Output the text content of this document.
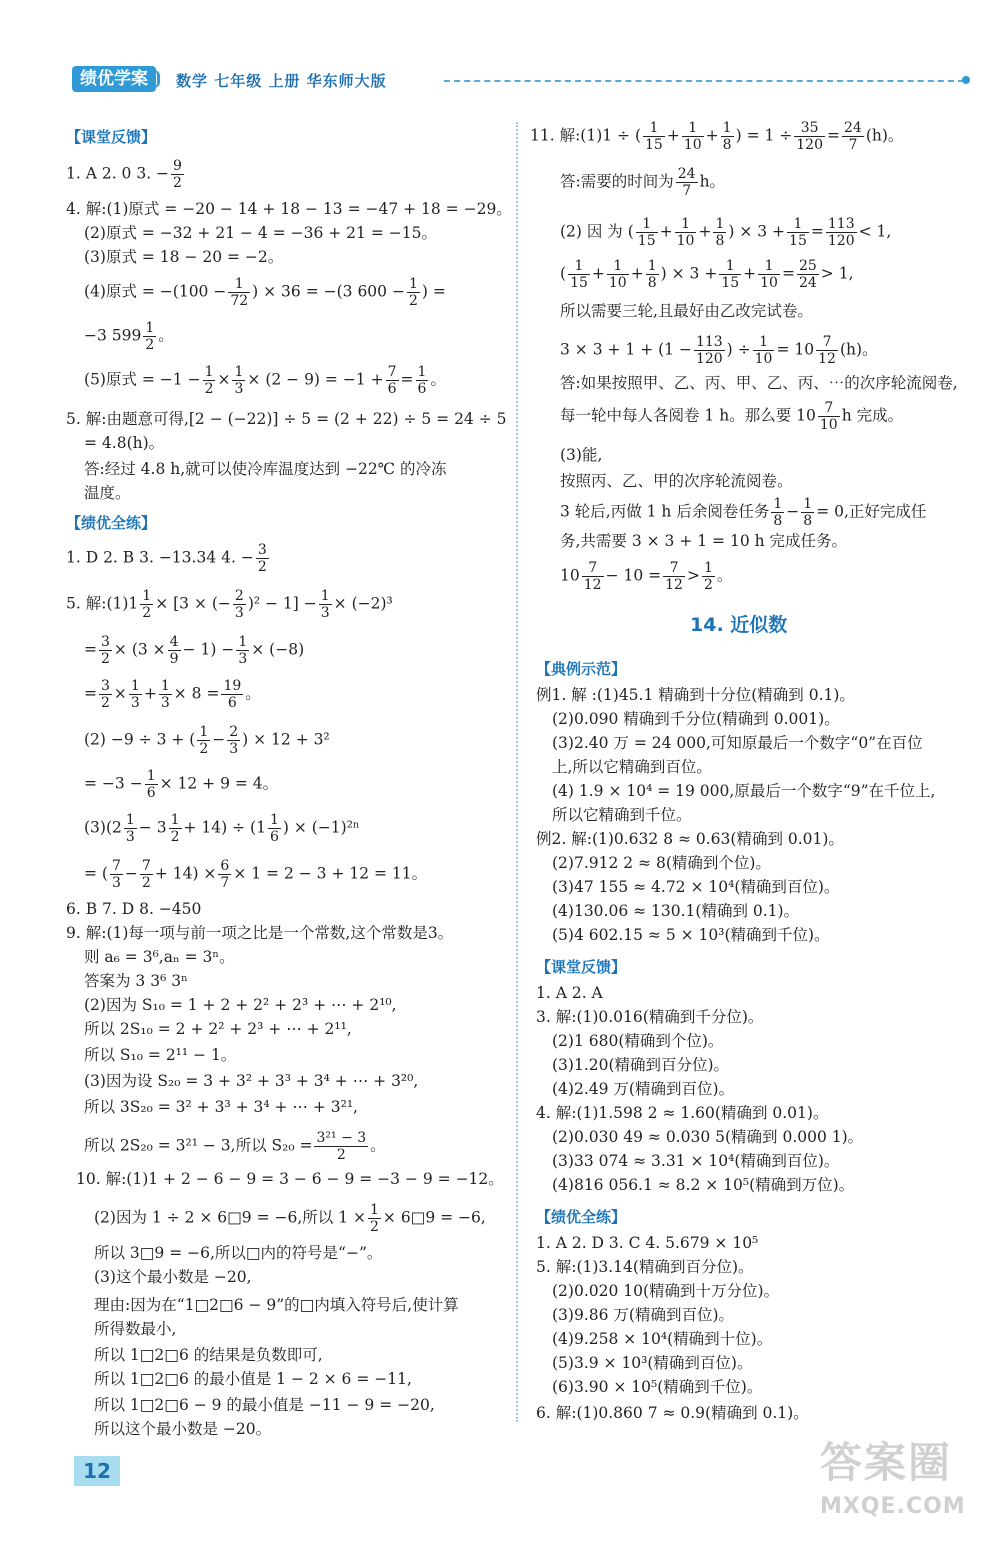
绩优学案	数学 七年级 上册 华东师大版
【课堂反馈】
1. A 2. 0 3. − $\frac{9}{2}$
4. 解:(1)原式 = −20 − 14 + 18 − 13 = −47 + 18 = −29。
(2)原式 = −32 + 21 − 4 = −36 + 21 = −15。
(3)原式 = 18 − 20 = −2。
(4)原式 = $-(100 - \frac{1}{72}$ ) × 36 = −(3 $600 - \frac{1}{2}$ ) =
−3 $599 \frac{1}{2}$ 。
(5)原式 = $-1 - \frac{1}{2} \times \frac{1}{3} \times (2 - 9) = -1 + \frac{7}{6} = \frac{1}{6}$ 。
5. 解:由题意可得,[2 − (−22)] ÷ 5 = (2 + 22) ÷ 5 = 24 ÷ 5
= 4.8(h)。
答:经过 4.8 h,就可以使冷库温度达到 −22℃ 的冷冻
温度。
【绩优全练】
1. D 2. B 3. −13.34 4. − $\frac{3}{2}$
5. 解:(1)1 $\frac{1}{2} \times [3$ × (− $\frac{2}{3} )^2 - 1] - \frac{1}{3} \times (-2)^3$
= $\frac{3}{2} \times (3 \times \frac{4}{9} - 1) - \frac{1}{3} \times (-8)$
= $\frac{3}{2} \times \frac{1}{3} + \frac{1}{3} \times 8 = \frac{19}{6}$ 。
(2) −9 ÷ 3 + ( $\frac{1}{2} - \frac{2}{3}$ ) × 12 + 3²
= $-3 - \frac{1}{6} \times 12 + 9 = 4$。
$(3)(2 \frac{1}{3} - 3 \frac{1}{2} + 14) \div (1 \frac{1}{6}$ ) × (−1)²ⁿ
= ( $\frac{7}{3} - \frac{7}{2} + 14) \times \frac{6}{7} \times 1 = 2 - 3 + 12 = 11$。
6. B 7. D 8. −450
9. 解:(1)每一项与前一项之比是一个常数,这个常数是3。
则 a₆ = 3⁶,aₙ = 3ⁿ。
答案为 3 3⁶ 3ⁿ
(2)因为 S₁₀ = 1 + 2 + 2² + 2³ + ⋯ + 2¹⁰,
所以 2S₁₀ = 2 + 2² + 2³ + ⋯ + 2¹¹,
所以 S₁₀ = 2¹¹ − 1。
(3)因为设 S₂₀ = 3 + 3² + 3³ + 3⁴ + ⋯ + 3²⁰,
所以 3S₂₀ = 3² + 3³ + 3⁴ + ⋯ + 3²¹,
所以 2S₂₀ = 3²¹ − 3,所以 $S_{20} = \frac{\text{3²¹ − 3}}{2}$ 。
10. 解:(1)1 + 2 − 6 − 9 = 3 − 6 − 9 = −3 − 9 = −12。
(2)因为 1 ÷ 2 × 6□9 = −6,所以 $1 \times \frac{1}{2}$ × 6□9 = −6,
所以 3□9 = −6,所以□内的符号是“−”。
(3)这个最小数是 −20,
理由:因为在“1□2□6 − 9”的□内填入符号后,使计算
所得数最小,
所以 1□2□6 的结果是负数即可,
所以 1□2□6 的最小值是 1 − 2 × 6 = −11,
所以 1□2□6 − 9 的最小值是 −11 − 9 = −20,
所以这个最小数是 −20。
11. 解:(1)1 ÷ ( $\frac{1}{15} + \frac{1}{10} + \frac{1}{8}$ ) = $1 \div \frac{35}{120} = \frac{24}{7} (h)$。
答:需要的时间为 $\frac{24}{7}$ h。
(2) 因 为 ( $\frac{1}{15} + \frac{1}{10} + \frac{1}{8}$ ) × $3 + \frac{1}{15} = \frac{113}{120} < 1$,
( $\frac{1}{15} + \frac{1}{10} + \frac{1}{8}$ ) × $3 + \frac{1}{15} + \frac{1}{10} = \frac{25}{24} > 1$,
所以需要三轮,且最好由乙改完试卷。
$3 \times 3 + 1 + (1 - \frac{113}{120}$ ) ÷ $\frac{1}{10} = 10 \frac{7}{12} (h)$。
答:如果按照甲、乙、丙、甲、乙、丙、⋯的次序轮流阅卷,
每一轮中每人各阅卷 1 h。那么要 $10 \frac{7}{10}$ h 完成。
(3)能,
按照丙、乙、甲的次序轮流阅卷。
3 轮后,丙做 1 h 后余阅卷任务 $\frac{1}{8} - \frac{1}{8} = 0$,正好完成任
务,共需要 3 × 3 + 1 = 10 h 完成任务。
$10 \frac{7}{12} - 10 = \frac{7}{12} > \frac{1}{2}$ 。
14. 近似数
【典例示范】
例1. 解 :(1)45.1 精确到十分位(精确到 0.1)。
(2)0.090 精确到千分位(精确到 0.001)。
(3)2.40 万 = 24 000,可知原最后一个数字“0”在百位
上,所以它精确到百位。
(4) 1.9 × 10⁴ = 19 000,原最后一个数字“9”在千位上,
所以它精确到千位。
例2. 解:(1)0.632 8 ≈ 0.63(精确到 0.01)。
(2)7.912 2 ≈ 8(精确到个位)。
(3)47 155 ≈ 4.72 × 10⁴(精确到百位)。
(4)130.06 ≈ 130.1(精确到 0.1)。
(5)4 602.15 ≈ 5 × 10³(精确到千位)。
【课堂反馈】
1. A 2. A
3. 解:(1)0.016(精确到千分位)。
(2)1 680(精确到个位)。
(3)1.20(精确到百分位)。
(4)2.49 万(精确到百位)。
4. 解:(1)1.598 2 ≈ 1.60(精确到 0.01)。
(2)0.030 49 ≈ 0.030 5(精确到 0.000 1)。
(3)33 074 ≈ 3.31 × 10⁴(精确到百位)。
(4)816 056.1 ≈ 8.2 × 10⁵(精确到万位)。
【绩优全练】
1. A 2. D 3. C 4. 5.679 × 10⁵
5. 解:(1)3.14(精确到百分位)。
(2)0.020 10(精确到十万分位)。
(3)9.86 万(精确到百位)。
(4)9.258 × 10⁴(精确到十位)。
(5)3.9 × 10³(精确到百位)。
(6)3.90 × 10⁵(精确到千位)。
6. 解:(1)0.860 7 ≈ 0.9(精确到 0.1)。
12	答案圈
MXQE.COM
